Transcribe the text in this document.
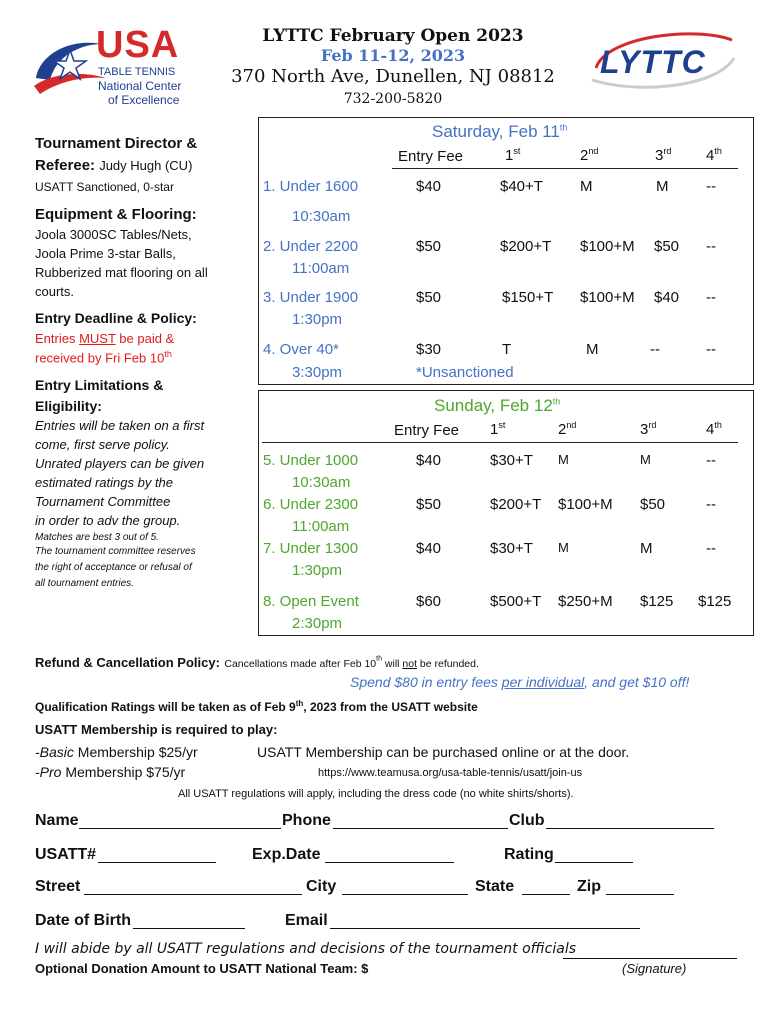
USA
TABLE TENNIS
National Center
of Excellence
LYTTC February Open 2023
Feb 11-12, 2023
370 North Ave, Dunellen, NJ 08812
732-200-5820
LYTTC
Tournament Director &
Referee: Judy Hugh (CU)
USATT Sanctioned, 0-star
Equipment & Flooring:
Joola 3000SC Tables/Nets,
Joola Prime 3-star Balls,
Rubberized mat flooring on all
courts.
Entry Deadline & Policy:
Entries MUST be paid &
received by Fri Feb 10th
Entry Limitations &
Eligibility:
Entries will be taken on a first
come, first serve policy.
Unrated players can be given
estimated ratings by the
Tournament Committee
in order to adv the group.
Matches are best 3 out of 5.
The tournament committee reserves
the right of acceptance or refusal of
all tournament entries.
Saturday, Feb 11th
Entry Fee	1st	2nd	3rd 4th
1. Under 1600
10:30am
$40	$40+T M	M	--
2. Under 2200
11:00am
$50	$200+T $100+M $50 --
3. Under 1900
1:30pm
$50	$150+T $100+M $40 --
4. Over 40*
3:30pm
$30	T	M	--	--
*Unsanctioned
Sunday, Feb 12th
Entry Fee 1st	2nd	3rd	4th
5. Under 1000
10:30am
$40	$30+T M	M	--
6. Under 2300
11:00am
$50	$200+T $100+M $50	--
7. Under 1300
1:30pm
$40	$30+T M	M	--
8. Open Event
2:30pm
$60	$500+T $250+M $125 $125
Refund & Cancellation Policy: Cancellations made after Feb 10th will not be refunded.
Spend $80 in entry fees per individual, and get $10 off!
Qualification Ratings will be taken as of Feb 9th, 2023 from the USATT website
USATT Membership is required to play:
-Basic Membership $25/yr
-Pro Membership $75/yr
USATT Membership can be purchased online or at the door.
https://www.teamusa.org/usa-table-tennis/usatt/join-us
All USATT regulations will apply, including the dress code (no white shirts/shorts).
Name	Phone	Club
USATT#	Exp.Date	Rating
Street	City	State	Zip
Date of Birth	Email
I will abide by all USATT regulations and decisions of the tournament officials
(Signature)
Optional Donation Amount to USATT National Team: $
